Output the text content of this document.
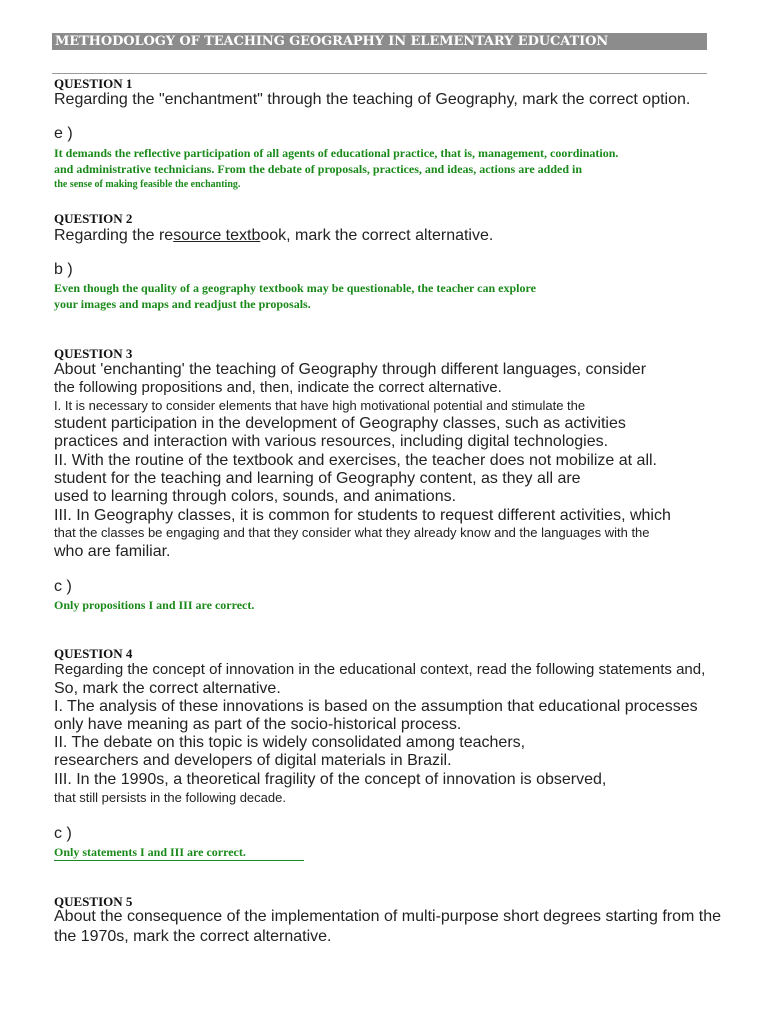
METHODOLOGY OF TEACHING GEOGRAPHY IN ELEMENTARY EDUCATION
QUESTION 1
Regarding the "enchantment" through the teaching of Geography, mark the correct option.
e )
It demands the reflective participation of all agents of educational practice, that is, management, coordination.
and administrative technicians. From the debate of proposals, practices, and ideas, actions are added in
the sense of making feasible the enchanting.
QUESTION 2
Regarding the resource textbook, mark the correct alternative.
b )
Even though the quality of a geography textbook may be questionable, the teacher can explore
your images and maps and readjust the proposals.
QUESTION 3
About 'enchanting' the teaching of Geography through different languages, consider
the following propositions and, then, indicate the correct alternative.
I. It is necessary to consider elements that have high motivational potential and stimulate the
student participation in the development of Geography classes, such as activities
practices and interaction with various resources, including digital technologies.
II. With the routine of the textbook and exercises, the teacher does not mobilize at all.
student for the teaching and learning of Geography content, as they all are
used to learning through colors, sounds, and animations.
III. In Geography classes, it is common for students to request different activities, which
that the classes be engaging and that they consider what they already know and the languages with the
who are familiar.
c )
Only propositions I and III are correct.
QUESTION 4
Regarding the concept of innovation in the educational context, read the following statements and,
So, mark the correct alternative.
I. The analysis of these innovations is based on the assumption that educational processes
only have meaning as part of the socio-historical process.
II. The debate on this topic is widely consolidated among teachers,
researchers and developers of digital materials in Brazil.
III. In the 1990s, a theoretical fragility of the concept of innovation is observed,
that still persists in the following decade.
c )
Only statements I and III are correct.
QUESTION 5
About the consequence of the implementation of multi-purpose short degrees starting from the
the 1970s, mark the correct alternative.
